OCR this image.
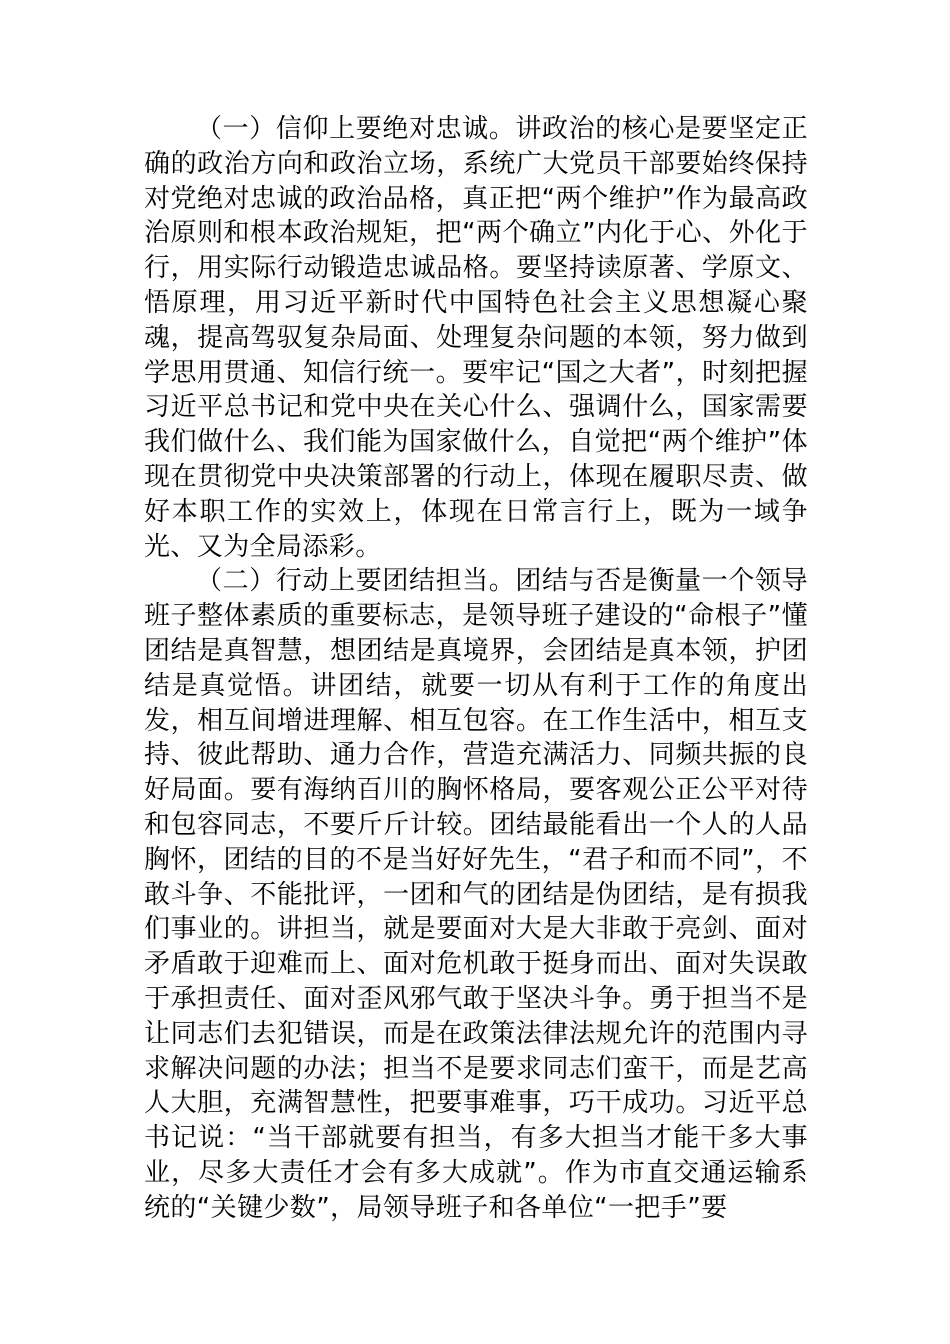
（一）信仰上要绝对忠诚。讲政治的核心是要坚定正确的政治方向和政治立场，系统广大党员干部要始终保持对党绝对忠诚的政治品格，真正把“两个维护”作为最高政治原则和根本政治规矩，把“两个确立”内化于心、外化于行，用实际行动锻造忠诚品格。要坚持读原著、学原文、悟原理，用习近平新时代中国特色社会主义思想凝心聚魂，提高驾驭复杂局面、处理复杂问题的本领，努力做到学思用贯通、知信行统一。要牢记“国之大者”，时刻把握习近平总书记和党中央在关心什么、强调什么，国家需要我们做什么、我们能为国家做什么，自觉把“两个维护”体现在贯彻党中央决策部署的行动上，体现在履职尽责、做好本职工作的实效上，体现在日常言行上，既为一域争光、又为全局添彩。

（二）行动上要团结担当。团结与否是衡量一个领导班子整体素质的重要标志，是领导班子建设的“命根子”懂团结是真智慧，想团结是真境界，会团结是真本领，护团结是真觉悟。讲团结，就要一切从有利于工作的角度出发，相互间增进理解、相互包容。在工作生活中，相互支持、彼此帮助、通力合作，营造充满活力、同频共振的良好局面。要有海纳百川的胸怀格局，要客观公正公平对待和包容同志，不要斤斤计较。团结最能看出一个人的人品胸怀，团结的目的不是当好好先生，“君子和而不同”，不敢斗争、不能批评，一团和气的团结是伪团结，是有损我们事业的。讲担当，就是要面对大是大非敢于亮剑、面对矛盾敢于迎难而上、面对危机敢于挺身而出、面对失误敢于承担责任、面对歪风邪气敢于坚决斗争。勇于担当不是让同志们去犯错误，而是在政策法律法规允许的范围内寻求解决问题的办法；担当不是要求同志们蛮干，而是艺高人大胆，充满智慧性，把要事难事，巧干成功。习近平总书记说：“当干部就要有担当，有多大担当才能干多大事业，尽多大责任才会有多大成就”。作为市直交通运输系统的“关键少数”，局领导班子和各单位“一把手”要
